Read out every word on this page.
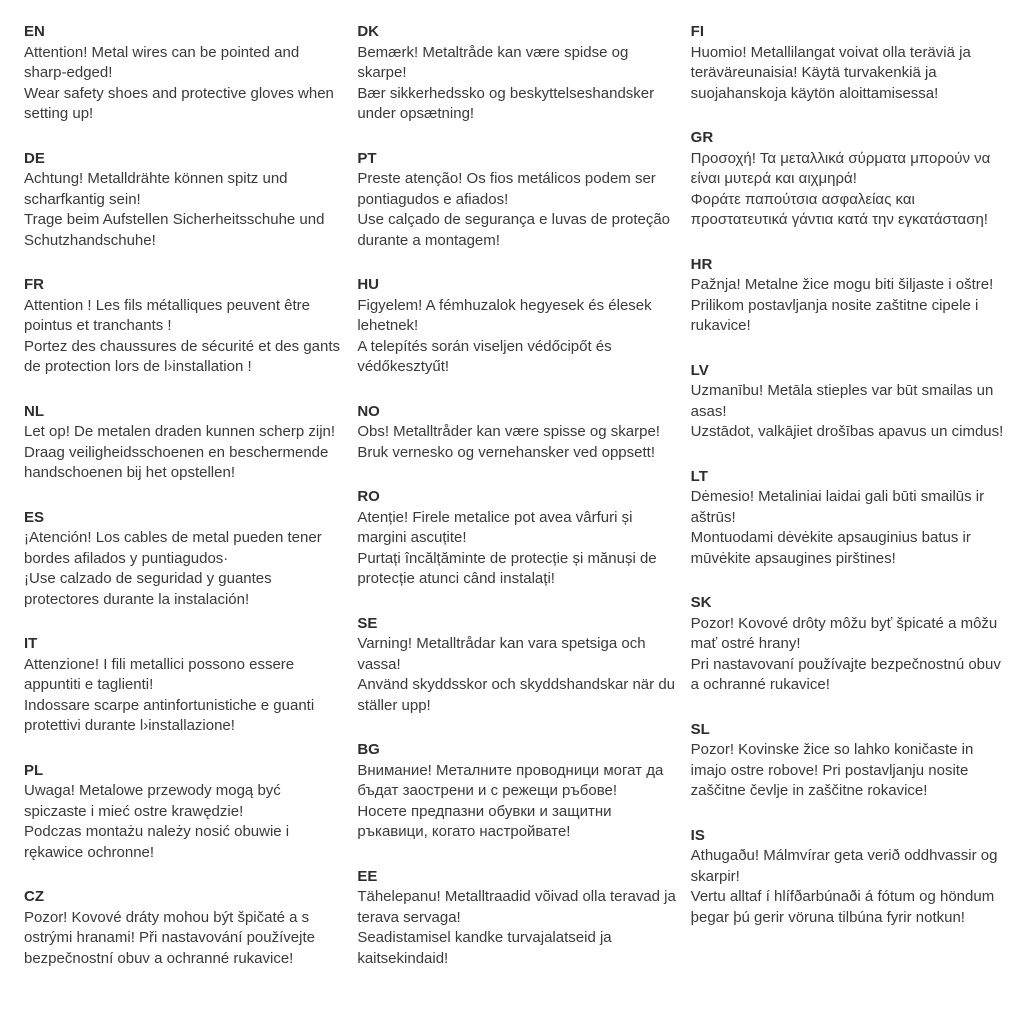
EN

Attention! Metal wires can be pointed and sharp-edged!

Wear safety shoes and protective gloves when setting up!

DE

Achtung! Metalldrähte können spitz und scharfkantig sein!

Trage beim Aufstellen Sicherheitsschuhe und Schutzhandschuhe!

FR

Attention ! Les fils métalliques peuvent être pointus et tranchants !

Portez des chaussures de sécurité et des gants de protection lors de l›installation !

NL

Let op! De metalen draden kunnen scherp zijn!

Draag veiligheidsschoenen en beschermende handschoenen bij het opstellen!

ES

¡Atención! Los cables de metal pueden tener bordes afilados y puntiagudos·

¡Use calzado de seguridad y guantes protectores durante la instalación!

IT

Attenzione! I fili metallici possono essere appuntiti e taglienti!

Indossare scarpe antinfortunistiche e guanti protettivi durante l›installazione!

PL

Uwaga! Metalowe przewody mogą być spiczaste i mieć ostre krawędzie!

Podczas montażu należy nosić obuwie i rękawice ochronne!

CZ

Pozor! Kovové dráty mohou být špičaté a s ostrými hranami! Při nastavování používejte bezpečnostní obuv a ochranné rukavice!

DK

Bemærk! Metaltråde kan være spidse og skarpe!

Bær sikkerhedssko og beskyttelseshandsker under opsætning!

PT

Preste atenção! Os fios metálicos podem ser pontiagudos e afiados!

Use calçado de segurança e luvas de proteção durante a montagem!

HU

Figyelem! A fémhuzalok hegyesek és élesek lehetnek!

A telepítés során viseljen védőcipőt és védőkesztyűt!

NO

Obs! Metalltråder kan være spisse og skarpe!

Bruk vernesko og vernehansker ved oppsett!

RO

Atenție! Firele metalice pot avea vârfuri și margini ascuțite!

Purtați încălțăminte de protecție și mănuși de protecție atunci când instalați!

SE

Varning! Metalltrådar kan vara spetsiga och vassa!

Använd skyddsskor och skyddshandskar när du ställer upp!

BG

Внимание! Металните проводници могат да бъдат заострени и с режещи ръбове!

Носете предпазни обувки и защитни ръкавици, когато настройвате!

EE

Tähelepanu! Metalltraadid võivad olla teravad ja terava servaga!

Seadistamisel kandke turvajalatseid ja kaitsekindaid!

FI

Huomio! Metallilangat voivat olla teräviä ja teräväreunaisia! Käytä turvakenkiä ja suojahanskoja käytön aloittamisessa!

GR

Προσοχή! Τα μεταλλικά σύρματα μπορούν να είναι μυτερά και αιχμηρά!

Φοράτε παπούτσια ασφαλείας και προστατευτικά γάντια κατά την εγκατάσταση!

HR

Pažnja! Metalne žice mogu biti šiljaste i oštre!

Prilikom postavljanja nosite zaštitne cipele i rukavice!

LV

Uzmanību! Metāla stieples var būt smailas un asas!

Uzstādot, valkājiet drošības apavus un cimdus!

LT

Dėmesio! Metaliniai laidai gali būti smailūs ir aštrūs!

Montuodami dėvėkite apsauginius batus ir mūvėkite apsaugines pirštines!

SK

Pozor! Kovové drôty môžu byť špicaté a môžu mať ostré hrany!

Pri nastavovaní používajte bezpečnostnú obuv a ochranné rukavice!

SL

Pozor! Kovinske žice so lahko koničaste in imajo ostre robove! Pri postavljanju nosite zaščitne čevlje in zaščitne rokavice!

IS

Athugaðu! Málmvírar geta verið oddhvassir og skarpir!

Vertu alltaf í hlífðarbúnaði á fótum og höndum þegar þú gerir vöruna tilbúna fyrir notkun!
